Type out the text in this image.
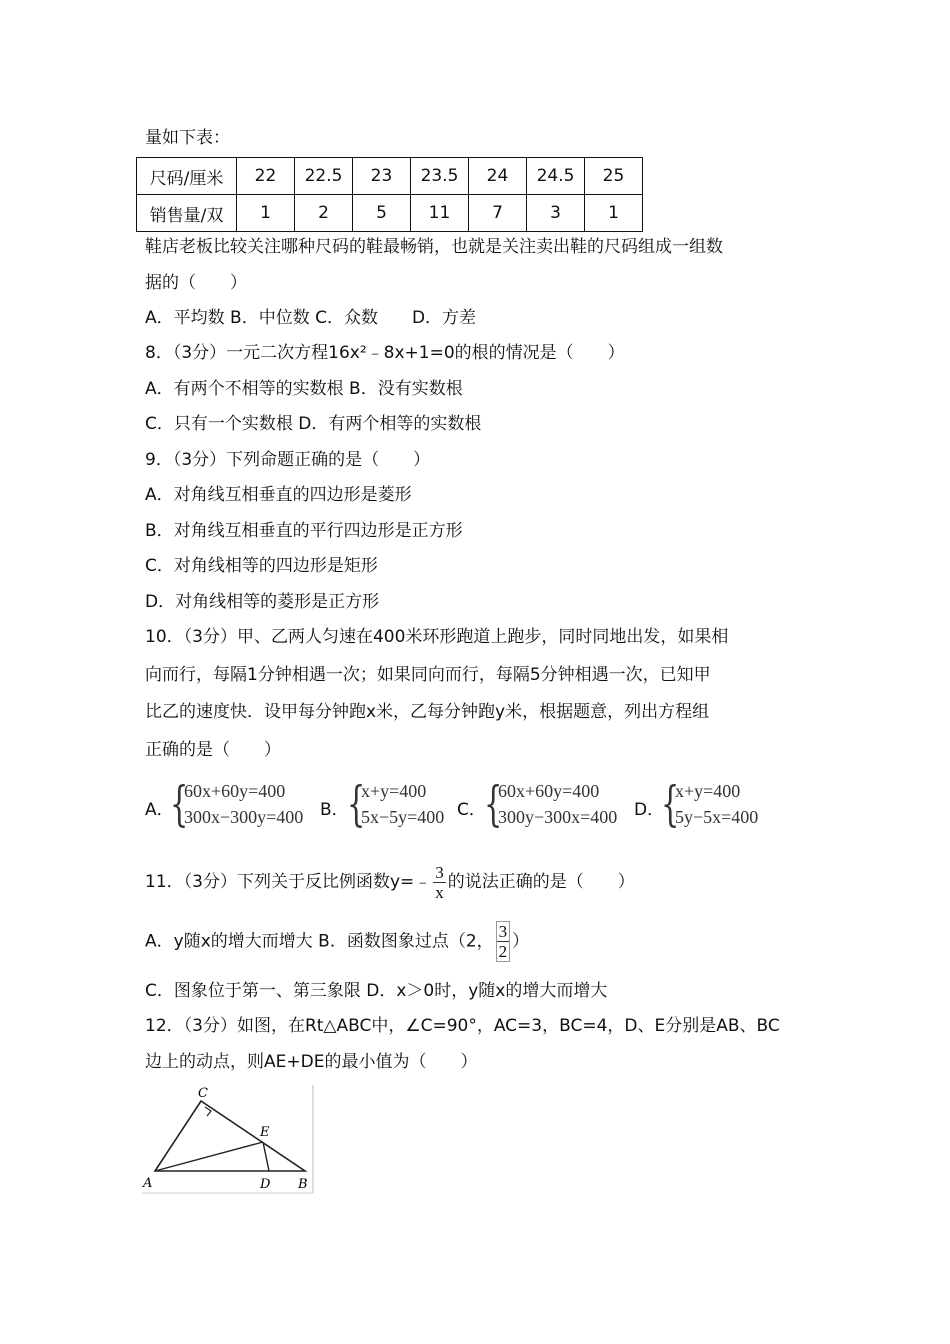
量如下表：
尺码/厘米	22	22.5	23	23.5	24	24.5	25
销售量/双	1	2	5	11	7	3	1
鞋店老板比较关注哪种尺码的鞋最畅销，也就是关注卖出鞋的尺码组成一组数
据的（　　）
A．平均数 B．中位数 C．众数　　D．方差
8．（3分）一元二次方程16x²﹣8x+1=0的根的情况是（　　）
A．有两个不相等的实数根 B．没有实数根
C．只有一个实数根 D．有两个相等的实数根
9．（3分）下列命题正确的是（　　）
A．对角线互相垂直的四边形是菱形
B．对角线互相垂直的平行四边形是正方形
C．对角线相等的四边形是矩形
D．对角线相等的菱形是正方形
10．（3分）甲、乙两人匀速在400米环形跑道上跑步，同时同地出发，如果相
向而行，每隔1分钟相遇一次；如果同向而行，每隔5分钟相遇一次，已知甲
比乙的速度快．设甲每分钟跑x米，乙每分钟跑y米，根据题意，列出方程组
正确的是（　　）
A．
{
60x+60y=400
300x−300y=400 B．
{
x+y=400
5x−5y=400 C．
{
60x+60y=400
300y−300x=400 D．
{
x+y=400
5y−5x=400
11．（3分）下列关于反比例函数y=﹣ $\frac{3}{x}$ 的说法正确的是（　　）
A．y随x的增大而增大 B．函数图象过点（2， $\frac{3}{2}$ ）
C．图象位于第一、第三象限 D．x＞0时，y随x的增大而增大
12．（3分）如图，在Rt△ABC中，∠C=90°，AC=3，BC=4，D、E分别是AB、BC
边上的动点，则AE+DE的最小值为（　　）
C
E
A	D B
